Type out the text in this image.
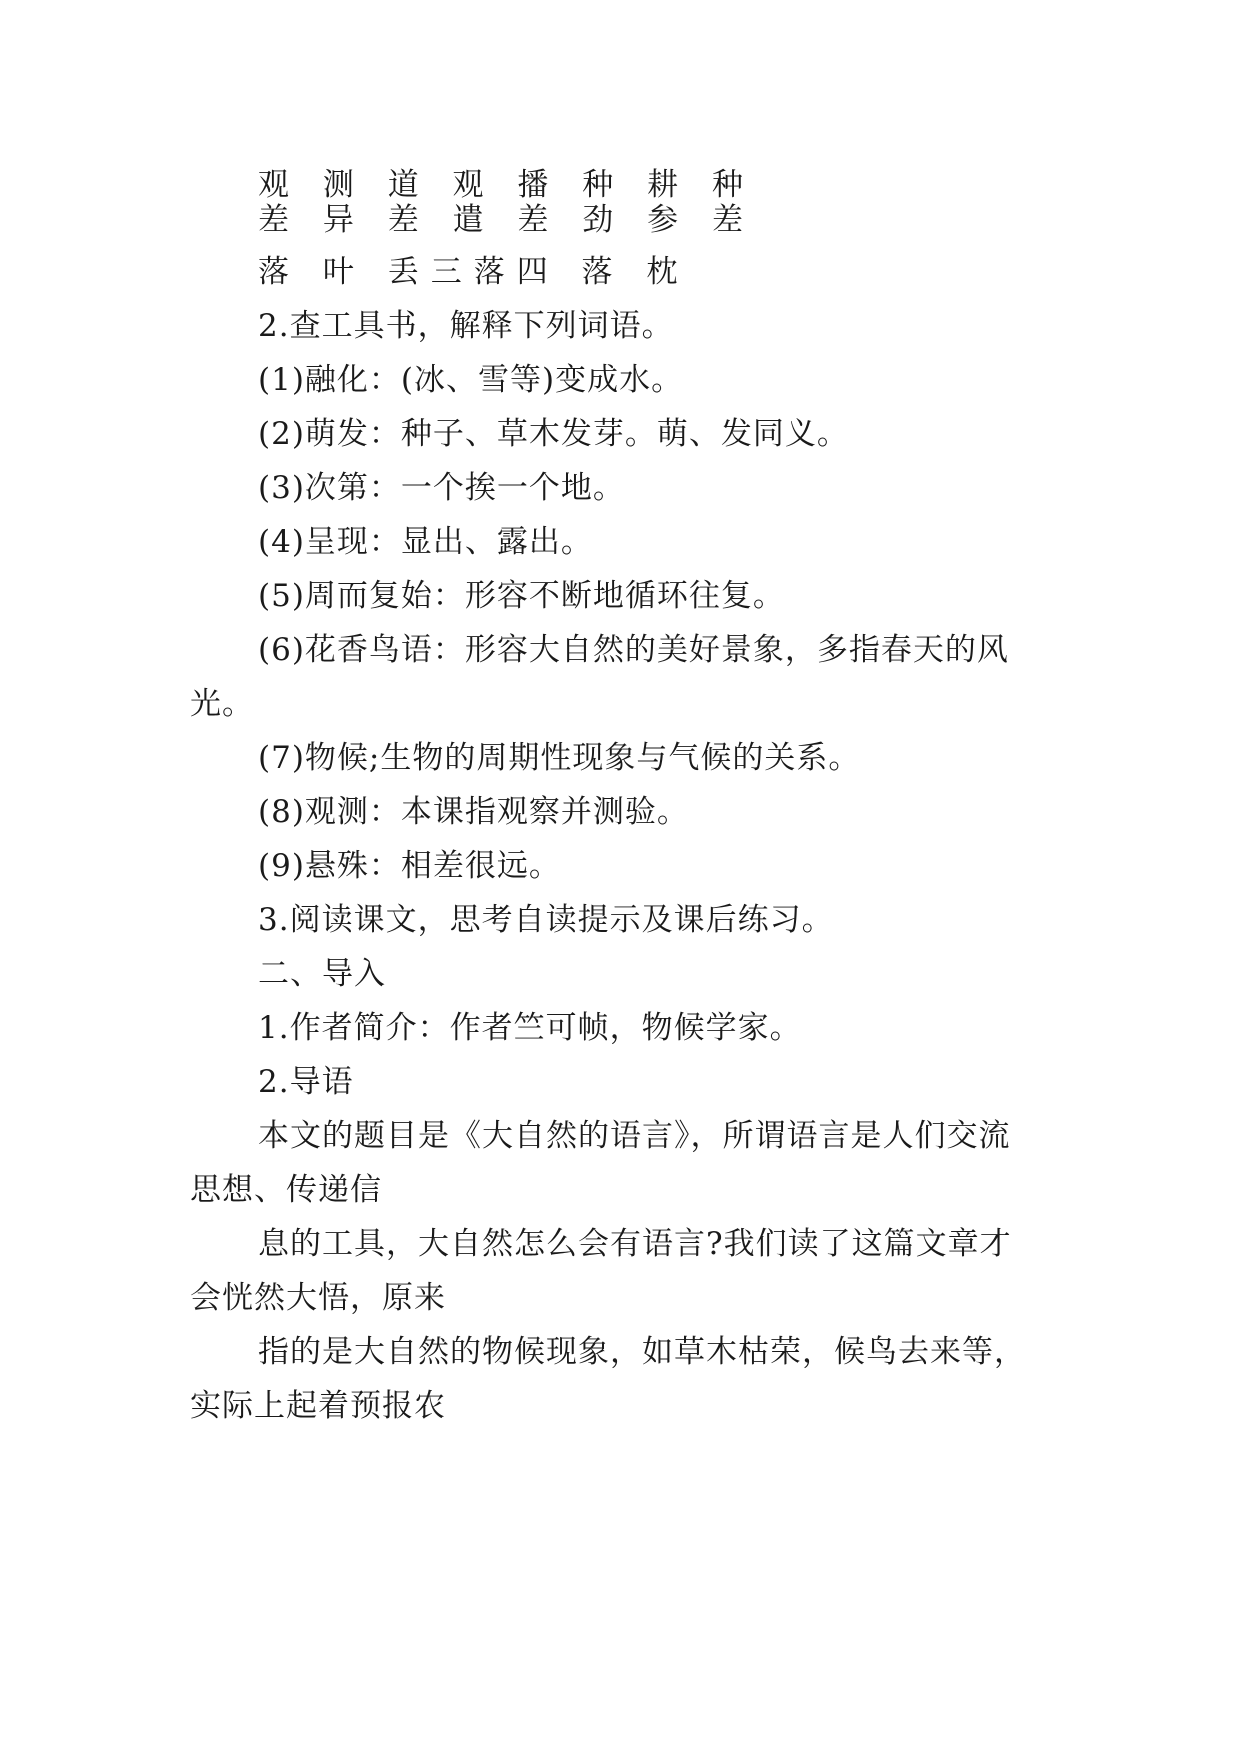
观 测 道 观 播 种 耕 种
差 异 差 遣 差 劲 参 差
落 叶 丢三落四 落 枕
2.查工具书，解释下列词语。
(1)融化：(冰、雪等)变成水。
(2)萌发：种子、草木发芽。萌、发同义。
(3)次第：一个挨一个地。
(4)呈现：显出、露出。
(5)周而复始：形容不断地循环往复。
(6)花香鸟语：形容大自然的美好景象，多指春天的风
光。
(7)物候;生物的周期性现象与气候的关系。
(8)观测：本课指观察并测验。
(9)悬殊：相差很远。
3.阅读课文，思考自读提示及课后练习。
二、导入
1.作者简介：作者竺可帧，物候学家。
2.导语
本文的题目是《大自然的语言》，所谓语言是人们交流
思想、传递信
息的工具，大自然怎么会有语言?我们读了这篇文章才
会恍然大悟，原来
指的是大自然的物候现象，如草木枯荣，候鸟去来等，
实际上起着预报农
